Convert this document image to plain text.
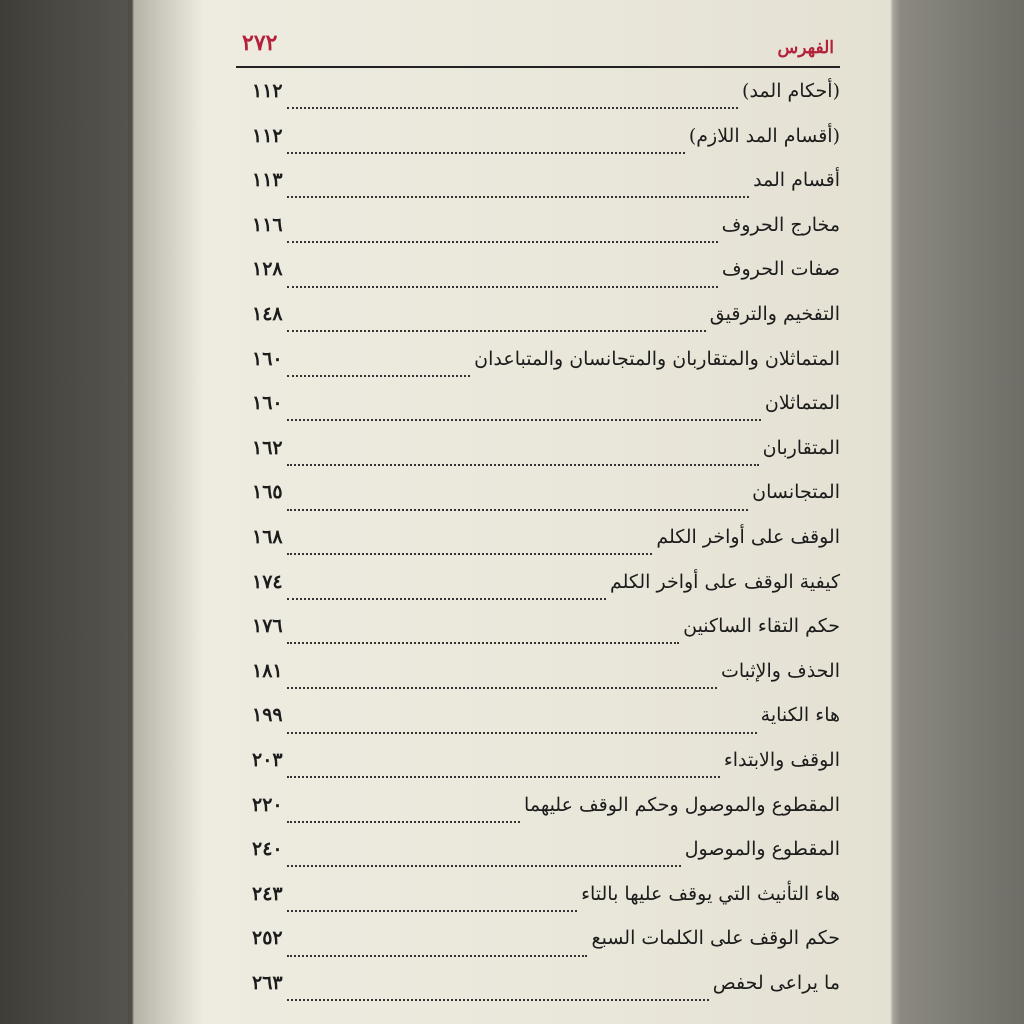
الفهرس
٢٧٢
(أحكام المد)
١١٢
(أقسام المد اللازم)
١١٢
أقسام المد
١١٣
مخارج الحروف
١١٦
صفات الحروف
١٢٨
التفخيم والترقيق
١٤٨
المتماثلان والمتقاربان والمتجانسان والمتباعدان
١٦٠
المتماثلان
١٦٠
المتقاربان
١٦٢
المتجانسان
١٦٥
الوقف على أواخر الكلم
١٦٨
كيفية الوقف على أواخر الكلم
١٧٤
حكم التقاء الساكنين
١٧٦
الحذف والإثبات
١٨١
هاء الكناية
١٩٩
الوقف والابتداء
٢٠٣
المقطوع والموصول وحكم الوقف عليهما
٢٢٠
المقطوع والموصول
٢٤٠
هاء التأنيث التي يوقف عليها بالتاء
٢٤٣
حكم الوقف على الكلمات السبع
٢٥٢
ما يراعى لحفص
٢٦٣
